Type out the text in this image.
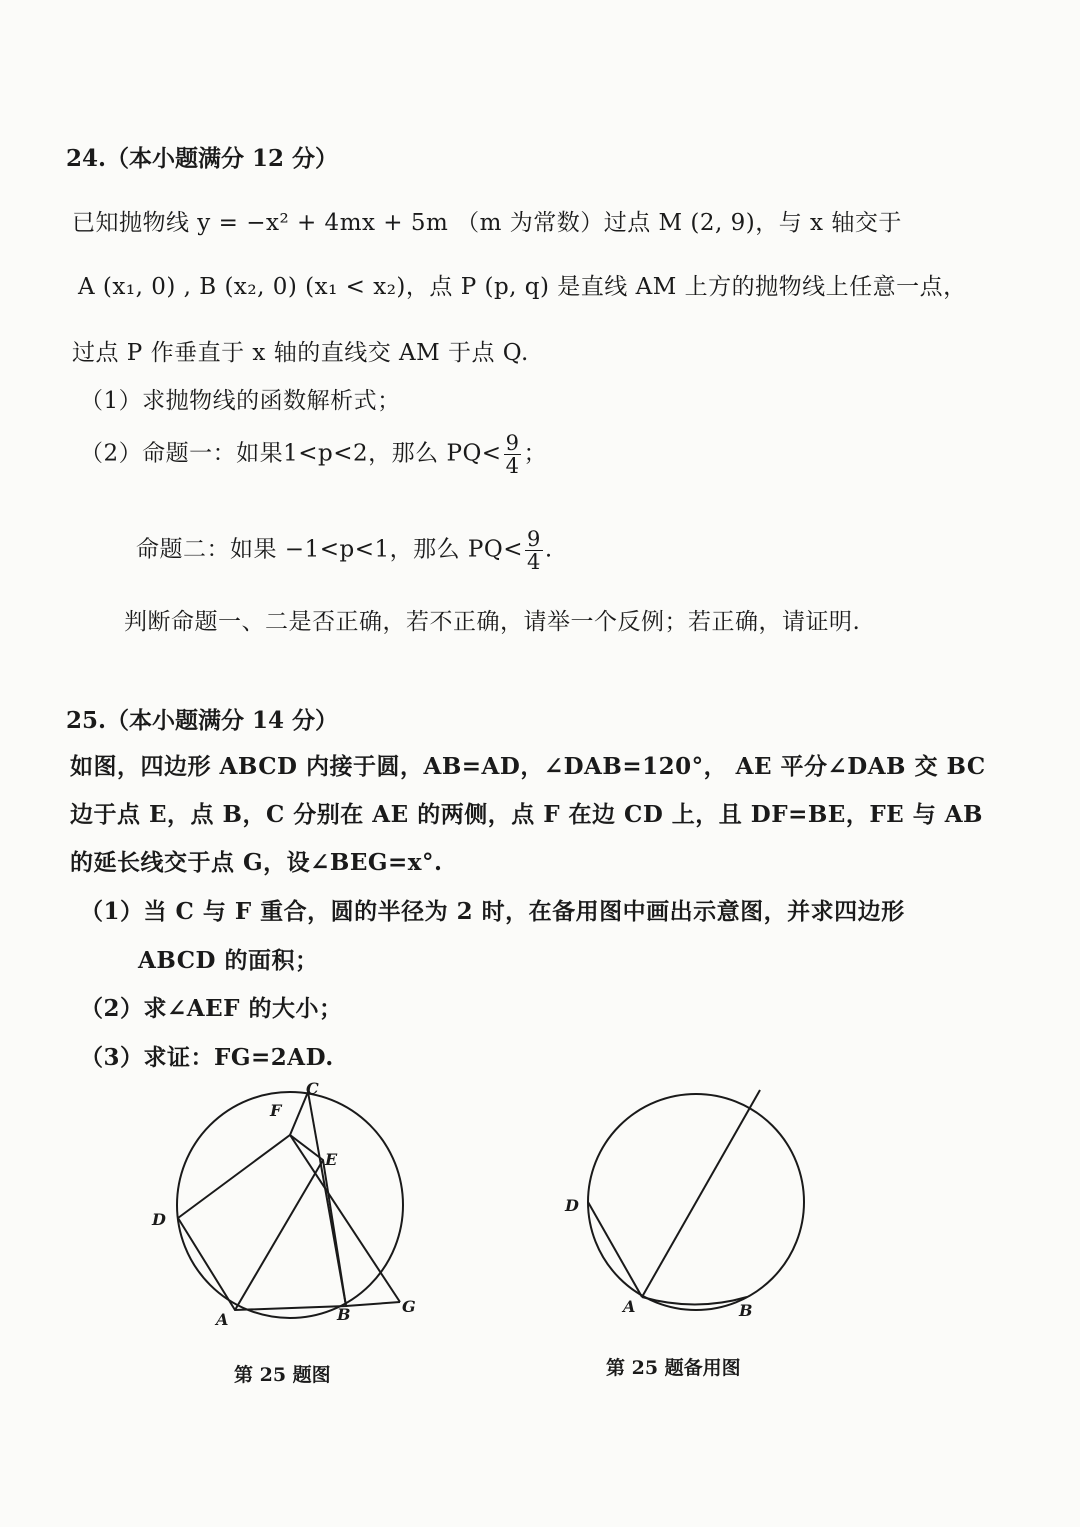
24.（本小题满分 12 分）
已知抛物线 y = −x² + 4mx + 5m （m 为常数）过点 M (2, 9)，与 x 轴交于
A (x₁, 0) , B (x₂, 0) (x₁ < x₂)，点 P (p, q) 是直线 AM 上方的抛物线上任意一点，
过点 P 作垂直于 x 轴的直线交 AM 于点 Q.
（1）求抛物线的函数解析式；
（2）命题一：如果1<p<2，那么 $PQ< \frac{9}{4}$ ；
命题二：如果 −1<p<1，那么 $PQ< \frac{9}{4}$ .
判断命题一、二是否正确，若不正确，请举一个反例；若正确，请证明.
25.（本小题满分 14 分）
如图，四边形 ABCD 内接于圆，AB=AD，∠DAB=120°， AE 平分∠DAB 交 BC
边于点 E，点 B，C 分别在 AE 的两侧，点 F 在边 CD 上，且 DF=BE，FE 与 AB
的延长线交于点 G，设∠BEG=x°.
（1）当 C 与 F 重合，圆的半径为 2 时，在备用图中画出示意图，并求四边形
ABCD 的面积；
（2）求∠AEF 的大小；
（3）求证：FG=2AD.
C
F
E
D
A	B	G
第 25 题图
D
A	B
第 25 题备用图
